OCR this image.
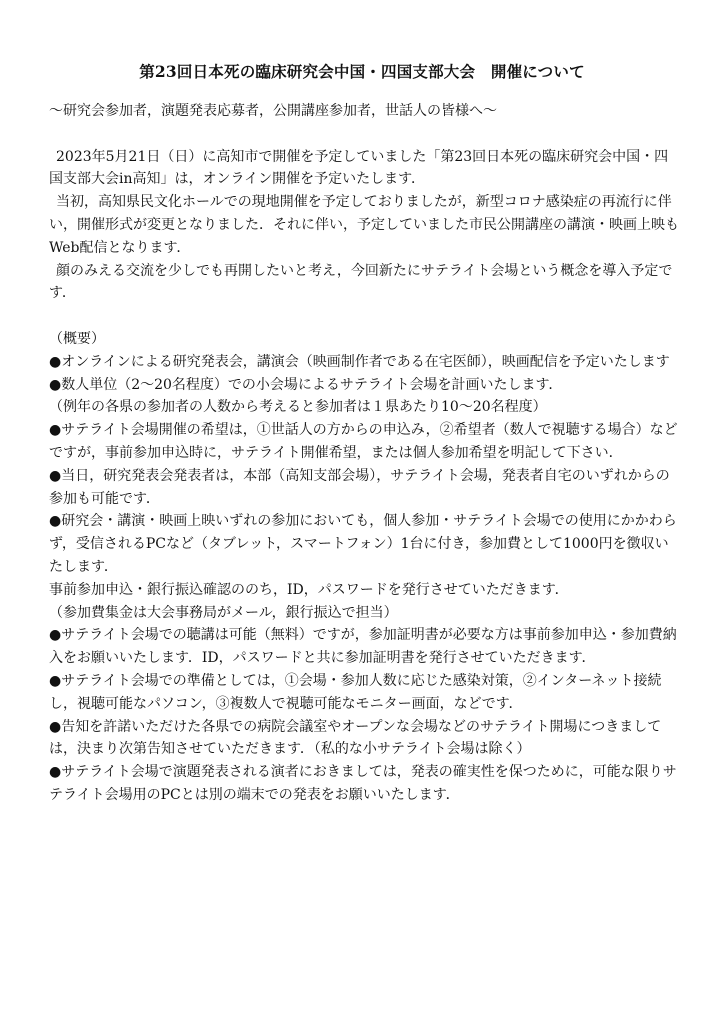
第23回日本死の臨床研究会中国・四国支部大会　開催について

〜研究会参加者，演題発表応募者，公開講座参加者，世話人の皆様へ〜

2023年5月21日（日）に高知市で開催を予定していました「第23回日本死の臨床研究会中国・四国支部大会in高知」は，オンライン開催を予定いたします．

当初，高知県民文化ホールでの現地開催を予定しておりましたが，新型コロナ感染症の再流行に伴い，開催形式が変更となりました．それに伴い，予定していました市民公開講座の講演・映画上映もWeb配信となります．

顔のみえる交流を少しでも再開したいと考え，今回新たにサテライト会場という概念を導入予定です．

（概要）

●オンラインによる研究発表会，講演会（映画制作者である在宅医師），映画配信を予定いたします

●数人単位（2〜20名程度）での小会場によるサテライト会場を計画いたします．

（例年の各県の参加者の人数から考えると参加者は１県あたり10〜20名程度）

●サテライト会場開催の希望は，①世話人の方からの申込み，②希望者（数人で視聴する場合）などですが，事前参加申込時に，サテライト開催希望，または個人参加希望を明記して下さい．

●当日，研究発表会発表者は，本部（高知支部会場），サテライト会場，発表者自宅のいずれからの参加も可能です．

●研究会・講演・映画上映いずれの参加においても，個人参加・サテライト会場での使用にかかわらず，受信されるPCなど（タブレット，スマートフォン）1台に付き，参加費として1000円を徴収いたします．

事前参加申込・銀行振込確認ののち，ID，パスワードを発行させていただきます．

（参加費集金は大会事務局がメール，銀行振込で担当）

●サテライト会場での聴講は可能（無料）ですが，参加証明書が必要な方は事前参加申込・参加費納入をお願いいたします．ID，パスワードと共に参加証明書を発行させていただきます．

●サテライト会場での準備としては，①会場・参加人数に応じた感染対策，②インターネット接続し，視聴可能なパソコン，③複数人で視聴可能なモニター画面，などです．

●告知を許諾いただけた各県での病院会議室やオープンな会場などのサテライト開場につきましては，決まり次第告知させていただきます．（私的な小サテライト会場は除く）

●サテライト会場で演題発表される演者におきましては，発表の確実性を保つために，可能な限りサテライト会場用のPCとは別の端末での発表をお願いいたします．
